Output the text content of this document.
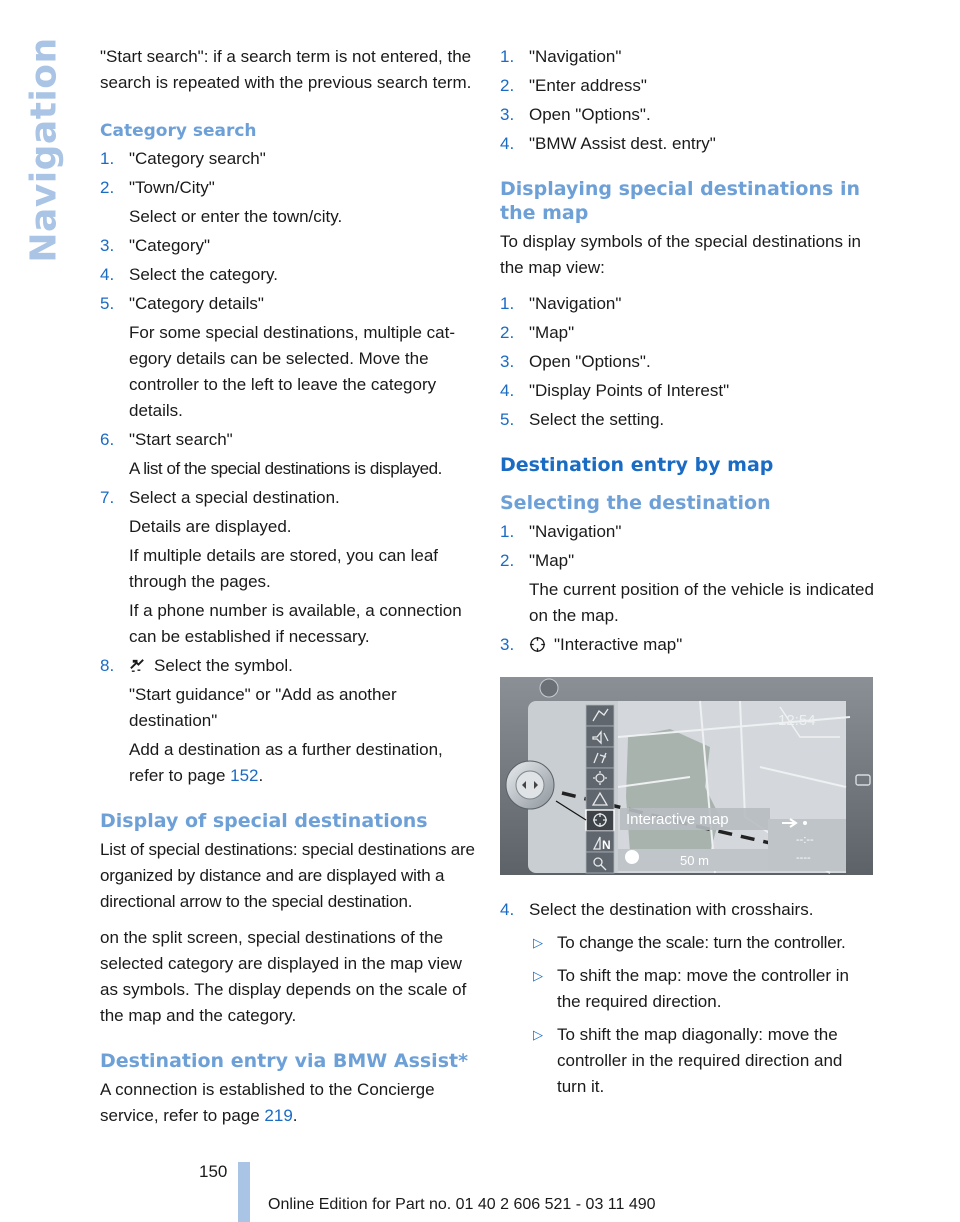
Navigation "Start search": if a search term is not entered, the search is repeated with the previous search term.

Category search
1. "Category search"
2. "Town/City"
Select or enter the town/city.
3. "Category"
4. Select the category.
5. "Category details"
For some special destinations, multiple category details can be selected. Move the controller to the left to leave the category details.
6. "Start search"
A list of the special destinations is displayed.
7. Select a special destination.
Details are displayed.
If multiple details are stored, you can leaf through the pages.
If a phone number is available, a connection can be established if necessary.
8.	Select the symbol.
"Start guidance" or "Add as another destination"
Add a destination as a further destination, refer to page 152.
Display of special destinations

List of special destinations: special destinations are organized by distance and are displayed with a directional arrow to the special destination.

on the split screen, special destinations of the selected category are displayed in the map view as symbols. The display depends on the scale of the map and the category.

Destination entry via BMW Assist*

A connection is established to the Concierge service, refer to page 219.

1. "Navigation"
2. "Enter address"
3. Open "Options".
4. "BMW Assist dest. entry"
Displaying special destinations in the map

To display symbols of the special destinations in the map view:

1. "Navigation"
2. "Map"
3. Open "Options".
4. "Display Points of Interest"
5. Select the setting.
Destination entry by map
Selecting the destination
1. "Navigation"
2. "Map"
The current position of the vehicle is indicated on the map.
3.	"Interactive map"
N
12:54
Interactive map
50 m
--:--
----
4. Select the destination with crosshairs.
▷ To change the scale: turn the controller.
▷ To shift the map: move the controller in the required direction.
▷ To shift the map diagonally: move the controller in the required direction and turn it.
150
Online Edition for Part no. 01 40 2 606 521 - 03 11 490
